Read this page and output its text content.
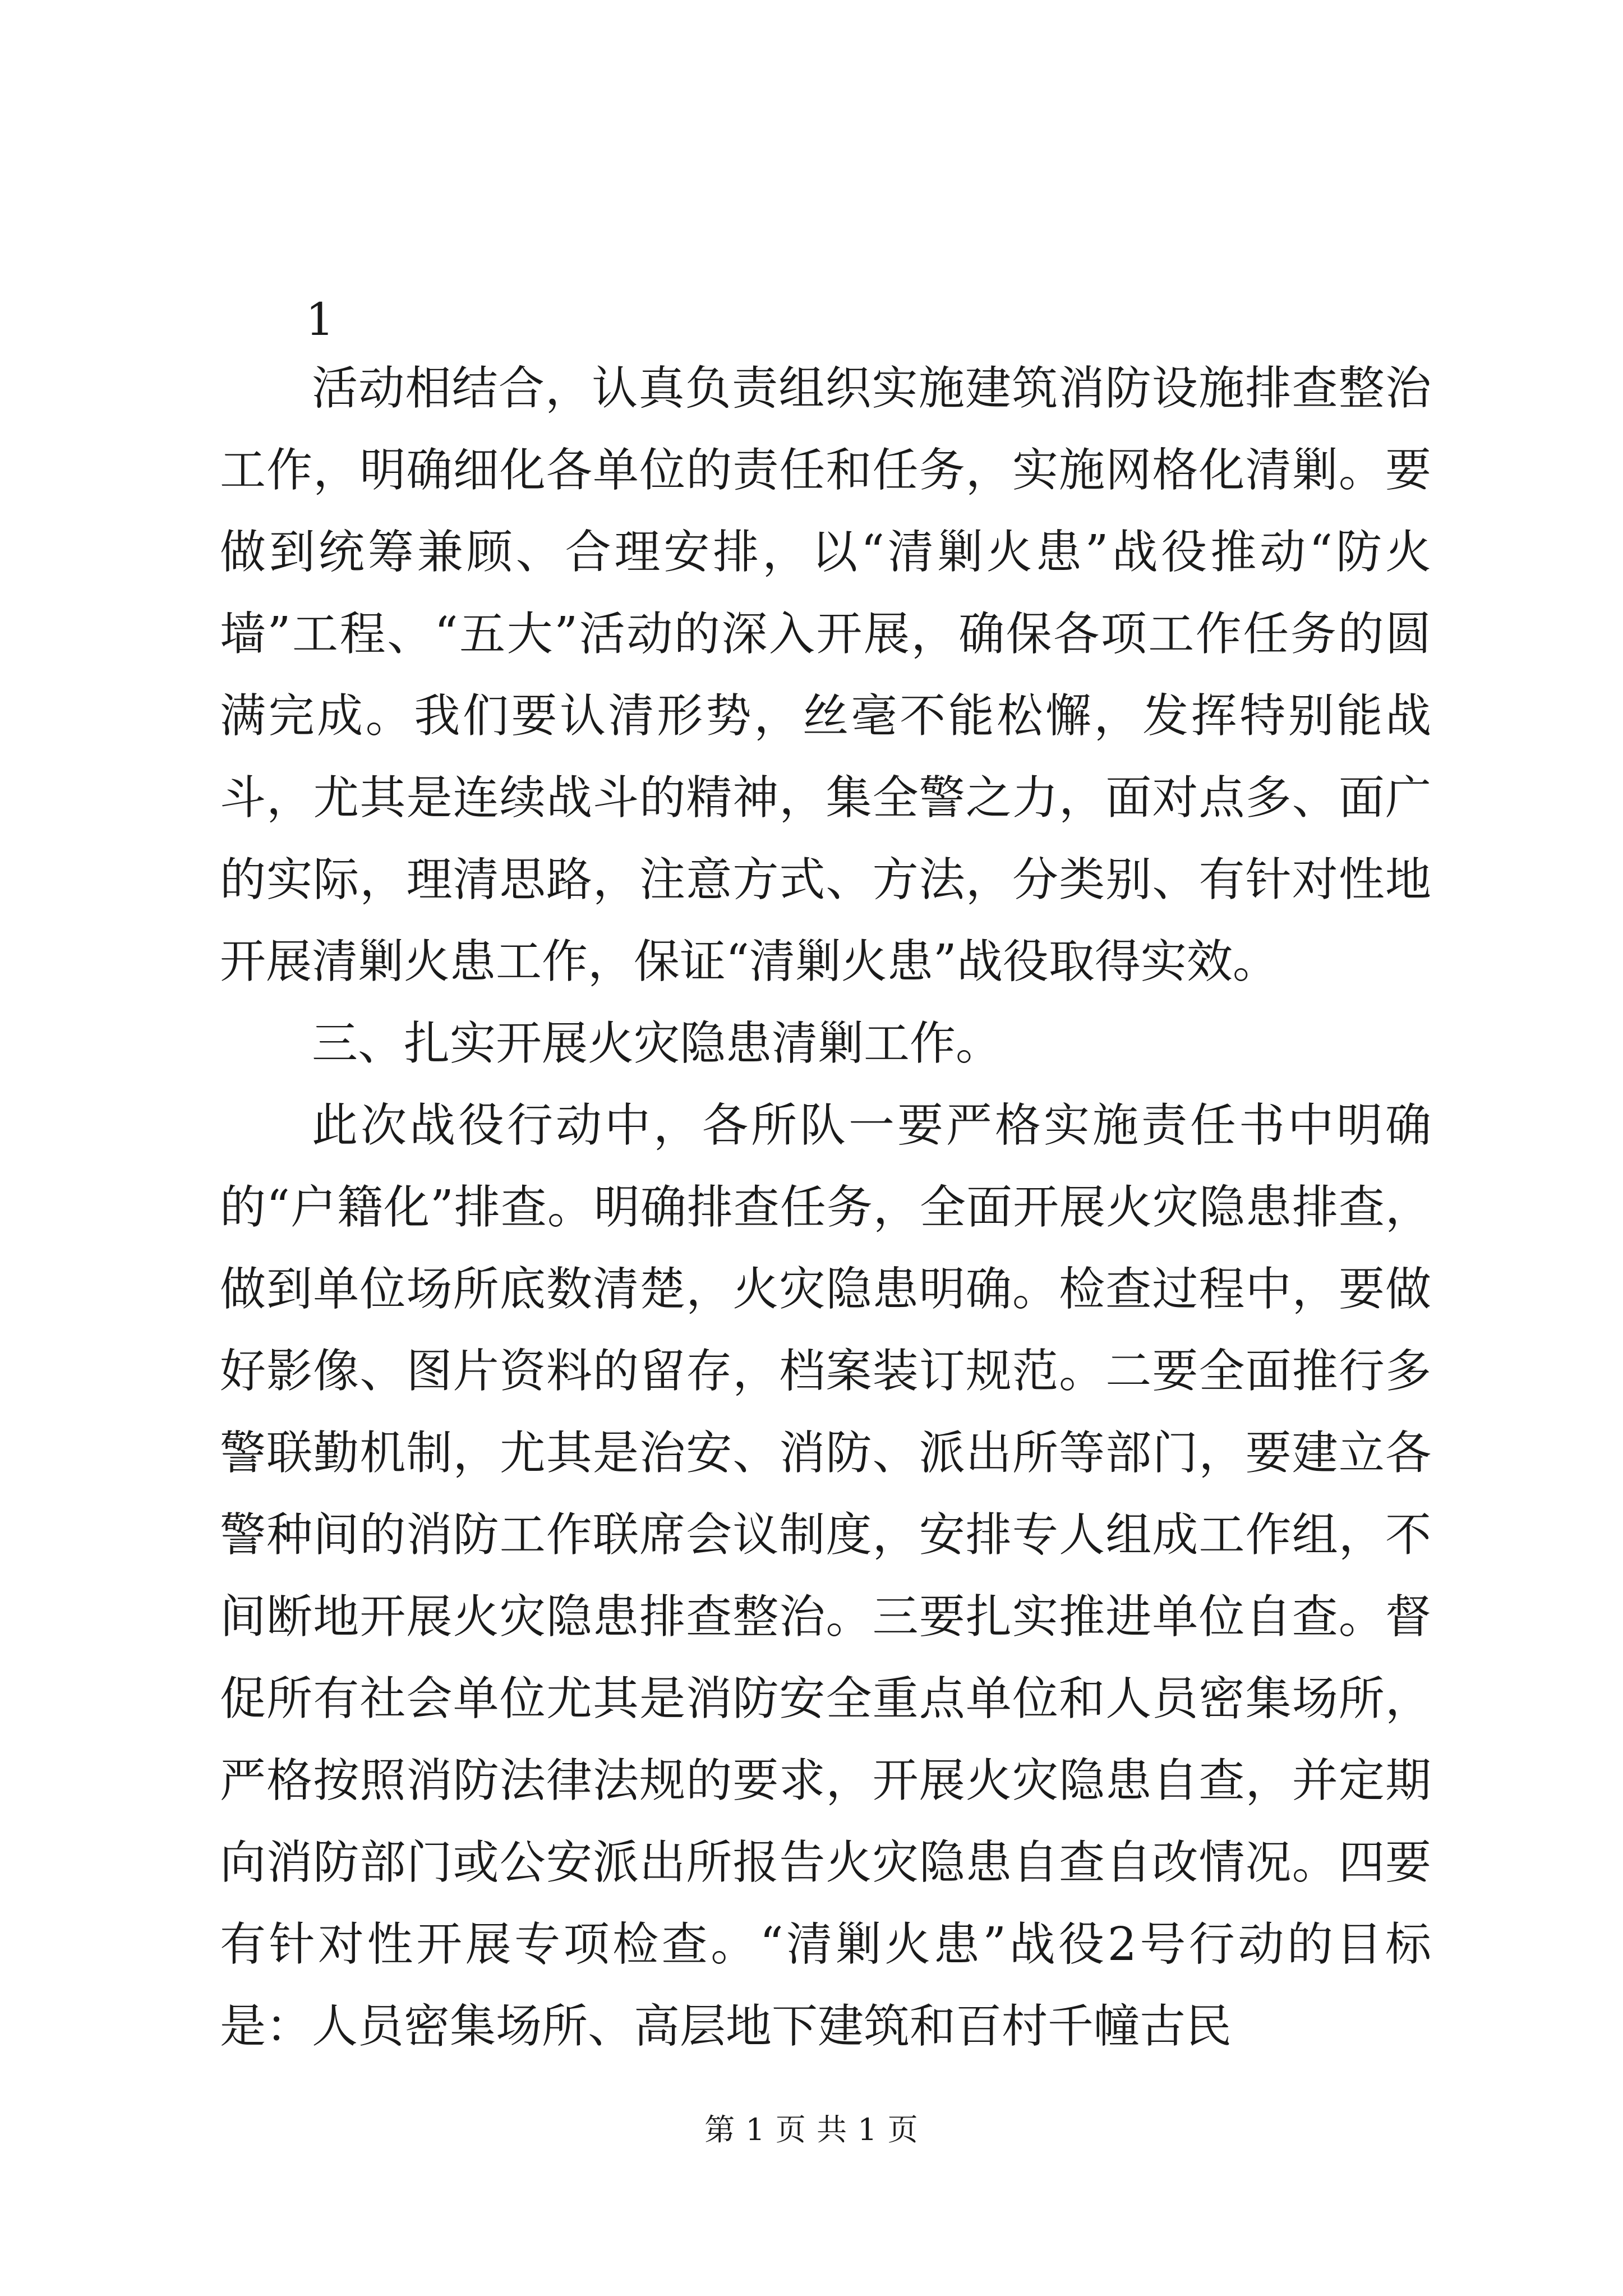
1

活动相结合，认真负责组织实施建筑消防设施排查整治工作，明确细化各单位的责任和任务，实施网格化清剿。要做到统筹兼顾、合理安排，以“清剿火患”战役推动“防火墙”工程、“五大”活动的深入开展，确保各项工作任务的圆满完成。我们要认清形势，丝毫不能松懈，发挥特别能战斗，尤其是连续战斗的精神，集全警之力，面对点多、面广的实际，理清思路，注意方式、方法，分类别、有针对性地开展清剿火患工作，保证“清剿火患”战役取得实效。

三、扎实开展火灾隐患清剿工作。

此次战役行动中，各所队一要严格实施责任书中明确的“户籍化”排查。明确排查任务，全面开展火灾隐患排查，做到单位场所底数清楚，火灾隐患明确。检查过程中，要做好影像、图片资料的留存，档案装订规范。二要全面推行多警联勤机制，尤其是治安、消防、派出所等部门，要建立各警种间的消防工作联席会议制度，安排专人组成工作组，不间断地开展火灾隐患排查整治。三要扎实推进单位自查。督促所有社会单位尤其是消防安全重点单位和人员密集场所，严格按照消防法律法规的要求，开展火灾隐患自查，并定期向消防部门或公安派出所报告火灾隐患自查自改情况。四要有针对性开展专项检查。“清剿火患”战役2号行动的目标是：人员密集场所、高层地下建筑和百村千幢古民

第 1 页 共 1 页
